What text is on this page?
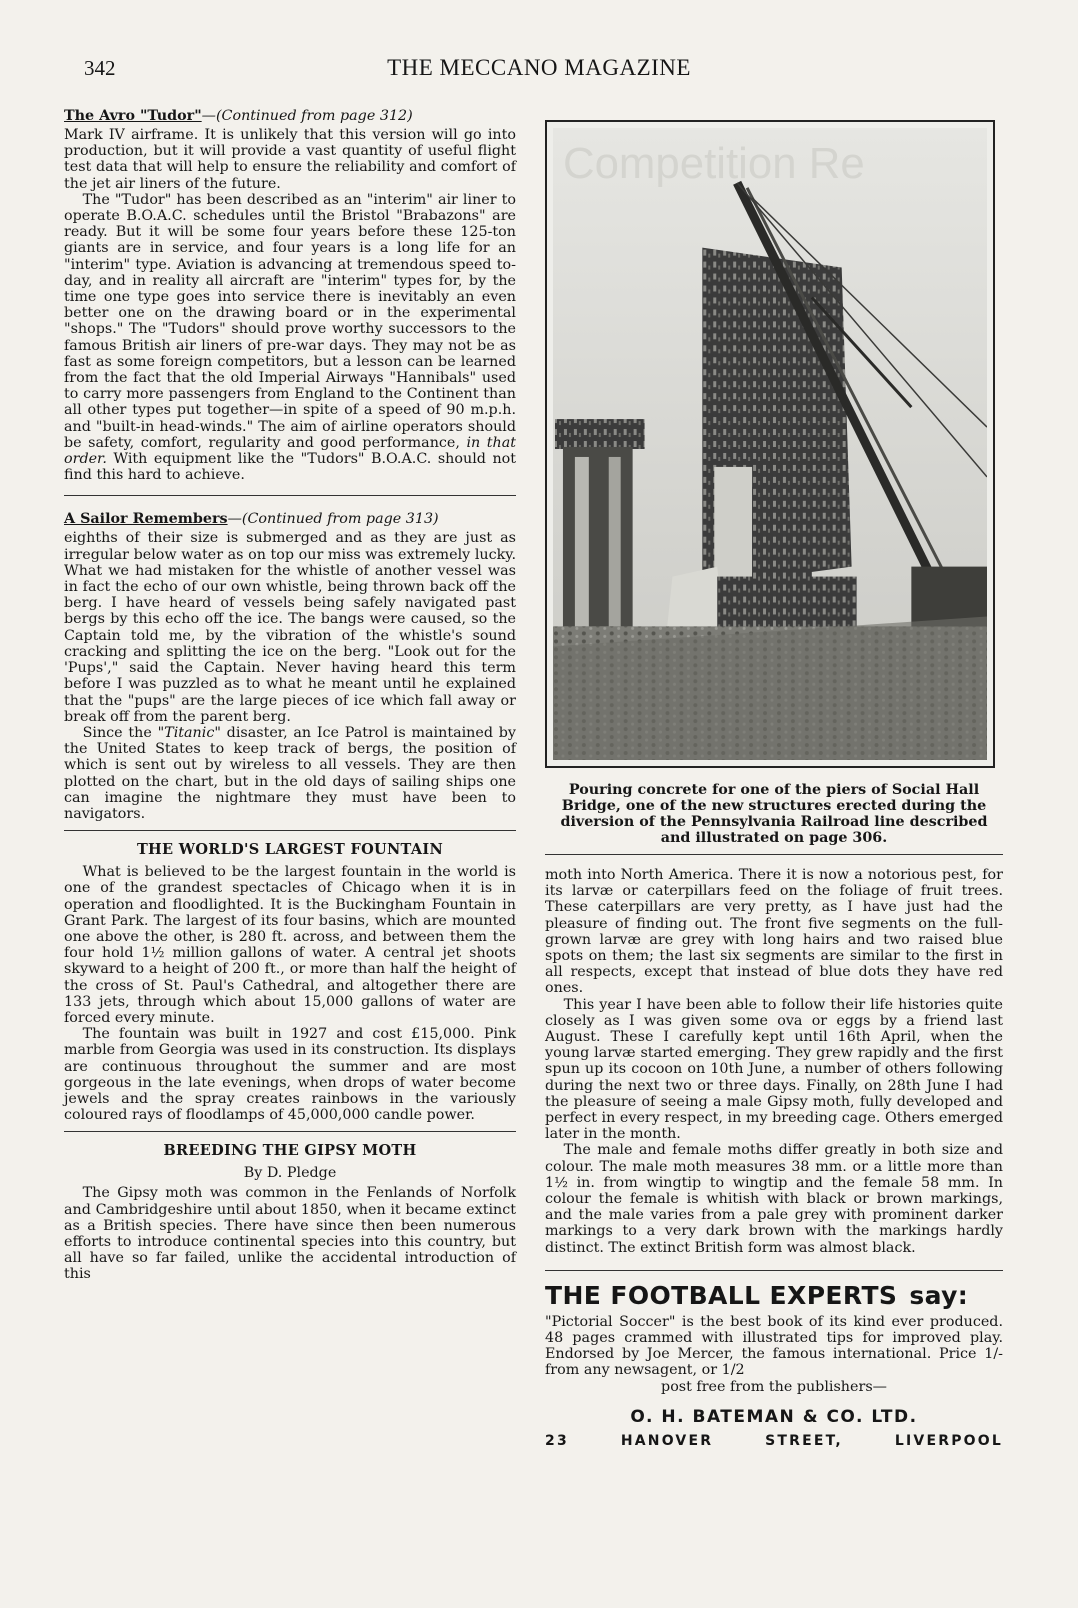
342	THE MECCANO MAGAZINE
The Avro "Tudor"—(Continued from page 312)

Mark IV airframe. It is unlikely that this version will go into production, but it will provide a vast quantity of useful flight test data that will help to ensure the reliability and comfort of the jet air liners of the future.

The "Tudor" has been described as an "interim" air liner to operate B.O.A.C. schedules until the Bristol "Brabazons" are ready. But it will be some four years before these 125-ton giants are in service, and four years is a long life for an "interim" type. Aviation is advancing at tremendous speed to-day, and in reality all aircraft are "interim" types for, by the time one type goes into service there is inevitably an even better one on the drawing board or in the experimental "shops." The "Tudors" should prove worthy successors to the famous British air liners of pre-war days. They may not be as fast as some foreign competitors, but a lesson can be learned from the fact that the old Imperial Airways "Hannibals" used to carry more passengers from England to the Continent than all other types put together—in spite of a speed of 90 m.p.h. and "built-in head-winds." The aim of airline operators should be safety, comfort, regularity and good performance, in that order. With equipment like the "Tudors" B.O.A.C. should not find this hard to achieve.

A Sailor Remembers—(Continued from page 313)

eighths of their size is submerged and as they are just as irregular below water as on top our miss was extremely lucky. What we had mistaken for the whistle of another vessel was in fact the echo of our own whistle, being thrown back off the berg. I have heard of vessels being safely navigated past bergs by this echo off the ice. The bangs were caused, so the Captain told me, by the vibration of the whistle's sound cracking and splitting the ice on the berg. "Look out for the 'Pups'," said the Captain. Never having heard this term before I was puzzled as to what he meant until he explained that the "pups" are the large pieces of ice which fall away or break off from the parent berg.

Since the "Titanic" disaster, an Ice Patrol is maintained by the United States to keep track of bergs, the position of which is sent out by wireless to all vessels. They are then plotted on the chart, but in the old days of sailing ships one can imagine the nightmare they must have been to navigators.

THE WORLD'S LARGEST FOUNTAIN

What is believed to be the largest fountain in the world is one of the grandest spectacles of Chicago when it is in operation and floodlighted. It is the Buckingham Fountain in Grant Park. The largest of its four basins, which are mounted one above the other, is 280 ft. across, and between them the four hold 1½ million gallons of water. A central jet shoots skyward to a height of 200 ft., or more than half the height of the cross of St. Paul's Cathedral, and altogether there are 133 jets, through which about 15,000 gallons of water are forced every minute.

The fountain was built in 1927 and cost £15,000. Pink marble from Georgia was used in its construction. Its displays are continuous throughout the summer and are most gorgeous in the late evenings, when drops of water become jewels and the spray creates rainbows in the variously coloured rays of floodlamps of 45,000,000 candle power.

BREEDING THE GIPSY MOTH
By D. Pledge

The Gipsy moth was common in the Fenlands of Norfolk and Cambridgeshire until about 1850, when it became extinct as a British species. There have since then been numerous efforts to introduce continental species into this country, but all have so far failed, unlike the accidental introduction of this

Competition Re
Pouring concrete for one of the piers of Social Hall Bridge, one of the new structures erected during the diversion of the Pennsylvania Railroad line described and illustrated on page 306.

moth into North America. There it is now a notorious pest, for its larvæ or caterpillars feed on the foliage of fruit trees. These caterpillars are very pretty, as I have just had the pleasure of finding out. The front five segments on the full-grown larvæ are grey with long hairs and two raised blue spots on them; the last six segments are similar to the first in all respects, except that instead of blue dots they have red ones.

This year I have been able to follow their life histories quite closely as I was given some ova or eggs by a friend last August. These I carefully kept until 16th April, when the young larvæ started emerging. They grew rapidly and the first spun up its cocoon on 10th June, a number of others following during the next two or three days. Finally, on 28th June I had the pleasure of seeing a male Gipsy moth, fully developed and perfect in every respect, in my breeding cage. Others emerged later in the month.

The male and female moths differ greatly in both size and colour. The male moth measures 38 mm. or a little more than 1½ in. from wingtip to wingtip and the female 58 mm. In colour the female is whitish with black or brown markings, and the male varies from a pale grey with prominent darker markings to a very dark brown with the markings hardly distinct. The extinct British form was almost black.

THE FOOTBALL EXPERTS say:
"Pictorial Soccer" is the best book of its kind ever produced. 48 pages crammed with illustrated tips for improved play. Endorsed by Joe Mercer, the famous international. Price 1/- from any newsagent, or 1/2
post free from the publishers—
O. H. BATEMAN & CO. LTD.
23	HANOVER	STREET,	LIVERPOOL
